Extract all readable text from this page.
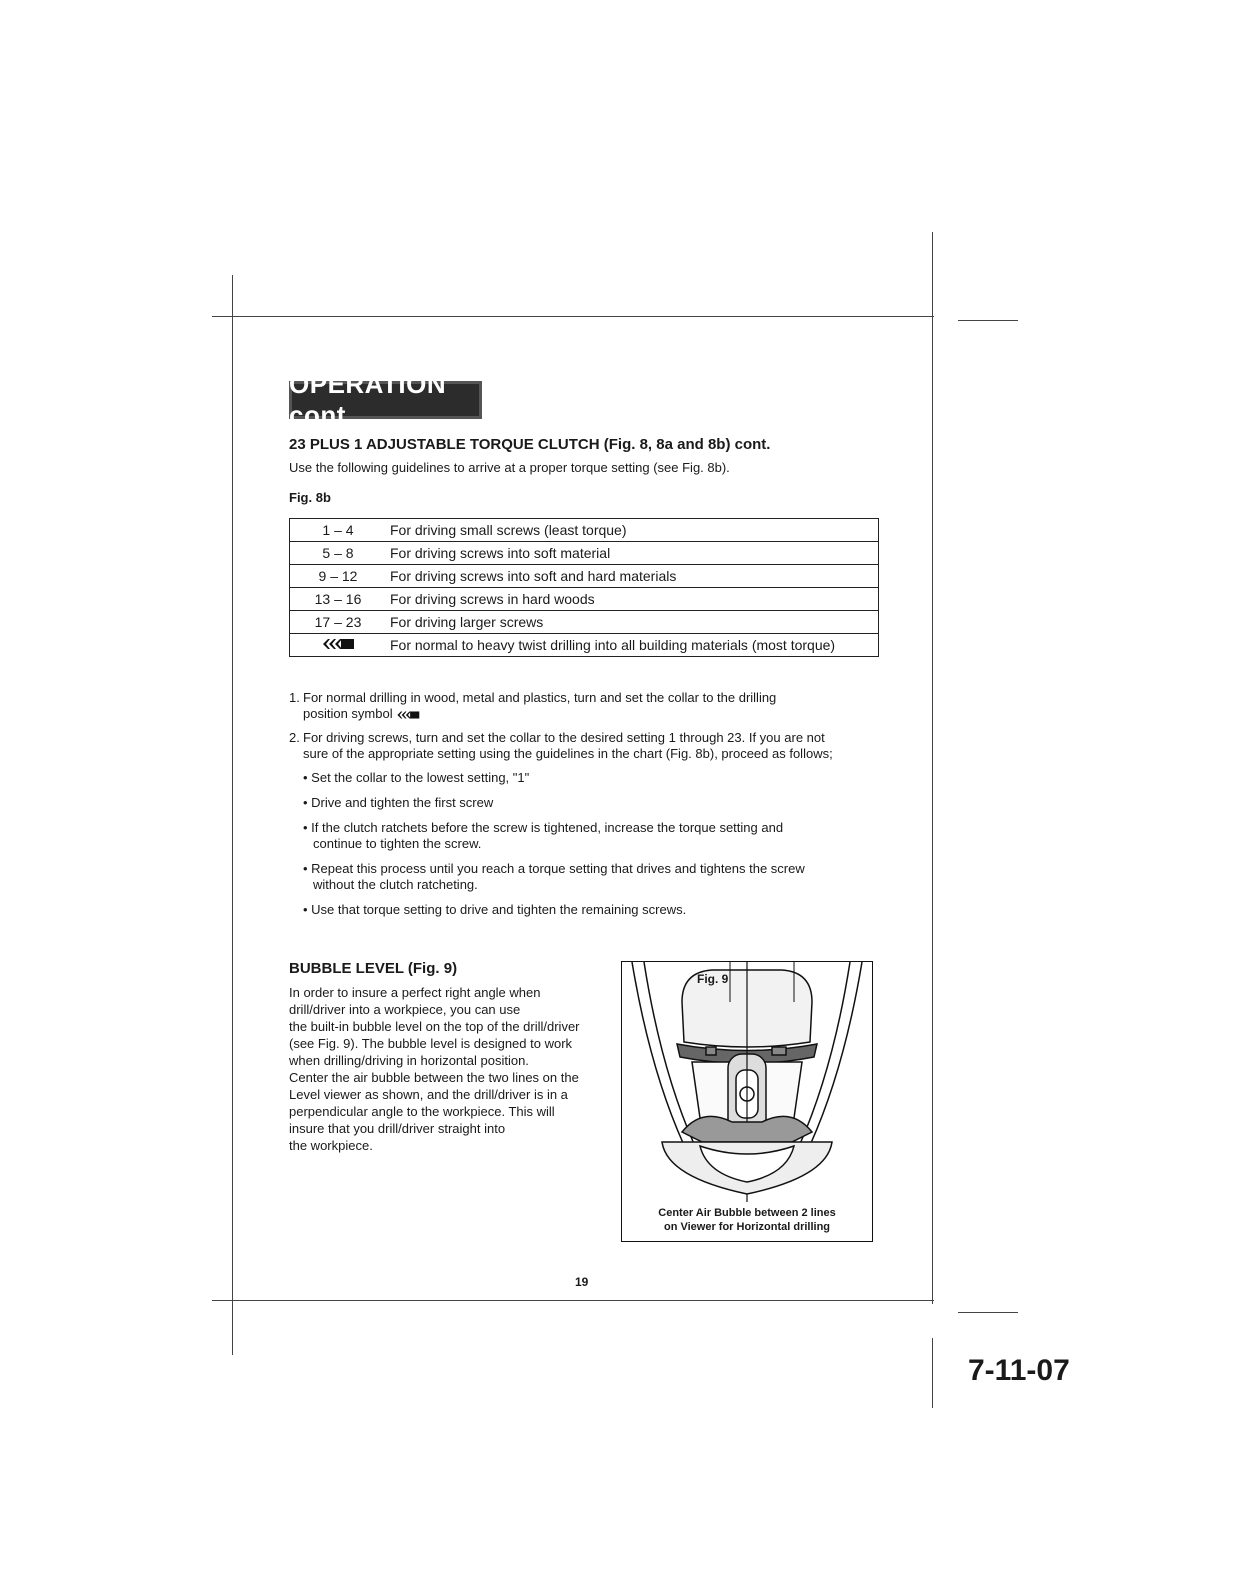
OPERATION cont.
23 PLUS 1 ADJUSTABLE TORQUE CLUTCH (Fig. 8, 8a and 8b) cont.
Use the following guidelines to arrive at a proper torque setting (see Fig. 8b).
Fig. 8b
1 – 4	For driving small screws (least torque)
5 – 8	For driving screws into soft material
9 – 12	For driving screws into soft and hard materials
13 – 16	For driving screws in hard woods
17 – 23	For driving larger screws
	For normal to heavy twist drilling into all building materials (most torque)
1. For normal drilling in wood, metal and plastics, turn and set the collar to the drilling
position symbol
2. For driving screws, turn and set the collar to the desired setting 1 through 23. If you are not
sure of the appropriate setting using the guidelines in the chart (Fig. 8b), proceed as follows;
• Set the collar to the lowest setting, "1"
• Drive and tighten the first screw
• If the clutch ratchets before the screw is tightened, increase the torque setting and
continue to tighten the screw.
• Repeat this process until you reach a torque setting that drives and tightens the screw
without the clutch ratcheting.
• Use that torque setting to drive and tighten the remaining screws.
BUBBLE LEVEL (Fig. 9)
In order to insure a perfect right angle when
drill/driver into a workpiece, you can use
the built-in bubble level on the top of the drill/driver
(see Fig. 9). The bubble level is designed to work
when drilling/driving in horizontal position.
Center the air bubble between the two lines on the
Level viewer as shown, and the drill/driver is in a
perpendicular angle to the workpiece. This will
insure that you drill/driver straight into
the workpiece.
Fig. 9
Center Air Bubble between 2 lines
on Viewer for Horizontal drilling
19
7-11-07
